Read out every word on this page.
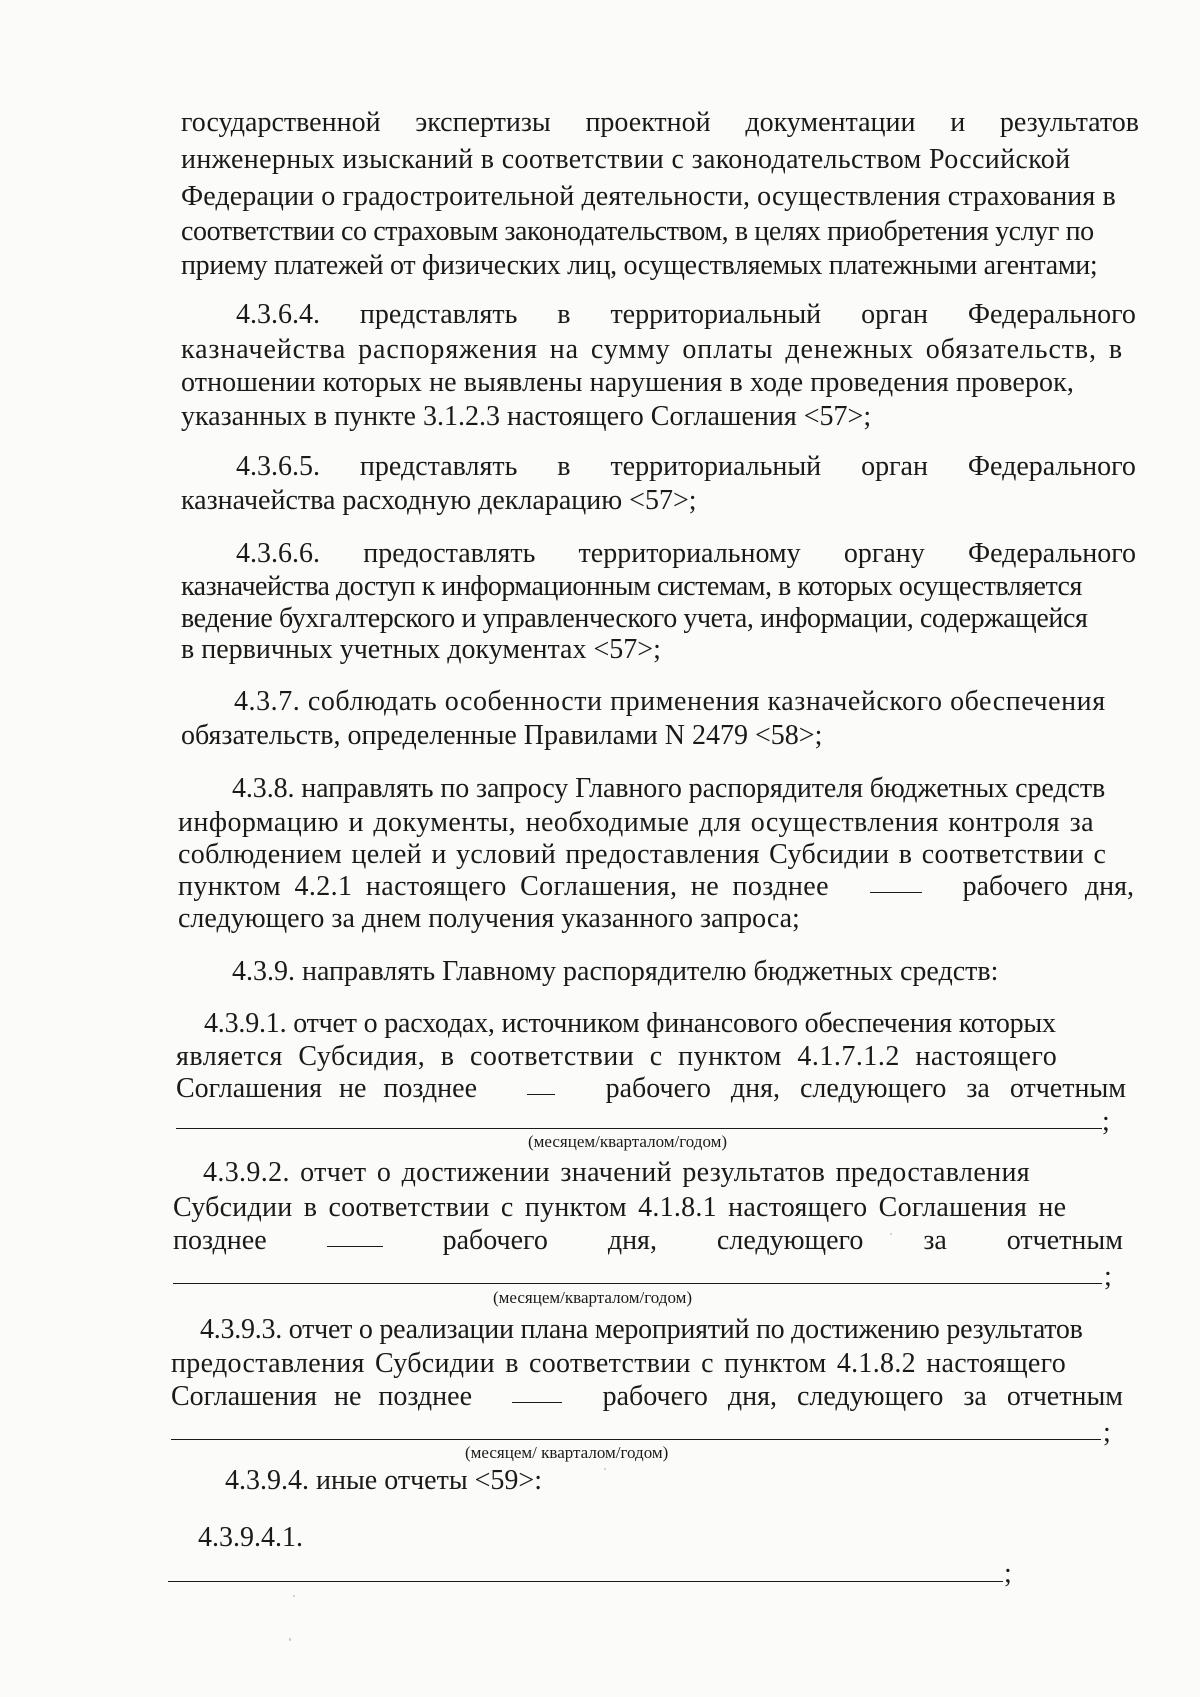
государственной экспертизы проектной документации и результатов
инженерных изысканий в соответствии с законодательством Российской
Федерации о градостроительной деятельности, осуществления страхования в
соответствии со страховым законодательством, в целях приобретения услуг по
приему платежей от физических лиц, осуществляемых платежными агентами;
4.3.6.4. представлять в территориальный орган Федерального
казначейства распоряжения на сумму оплаты денежных обязательств, в
отношении которых не выявлены нарушения в ходе проведения проверок,
указанных в пункте 3.1.2.3 настоящего Соглашения <57>;
4.3.6.5. представлять в территориальный орган Федерального
казначейства расходную декларацию <57>;
4.3.6.6. предоставлять территориальному органу Федерального
казначейства доступ к информационным системам, в которых осуществляется
ведение бухгалтерского и управленческого учета, информации, содержащейся
в первичных учетных документах <57>;
4.3.7. соблюдать особенности применения казначейского обеспечения
обязательств, определенные Правилами N 2479 <58>;
4.3.8. направлять по запросу Главного распорядителя бюджетных средств
информацию и документы, необходимые для осуществления контроля за
соблюдением целей и условий предоставления Субсидии в соответствии с
пунктом 4.2.1 настоящего Соглашения, не позднее	рабочего дня,
следующего за днем получения указанного запроса;
4.3.9. направлять Главному распорядителю бюджетных средств:
4.3.9.1. отчет о расходах, источником финансового обеспечения которых
является Субсидия, в соответствии с пунктом 4.1.7.1.2 настоящего
Соглашения не позднее	рабочего дня, следующего за отчетным
;
(месяцем/кварталом/годом)
4.3.9.2. отчет о достижении значений результатов предоставления
Субсидии в соответствии с пунктом 4.1.8.1 настоящего Соглашения не
позднее	рабочего дня, следующего за отчетным
;
(месяцем/кварталом/годом)
4.3.9.3. отчет о реализации плана мероприятий по достижению результатов
предоставления Субсидии в соответствии с пунктом 4.1.8.2 настоящего
Соглашения не позднее	рабочего дня, следующего за отчетным
;
(месяцем/ кварталом/годом)
4.3.9.4. иные отчеты <59>:
4.3.9.4.1.
;
